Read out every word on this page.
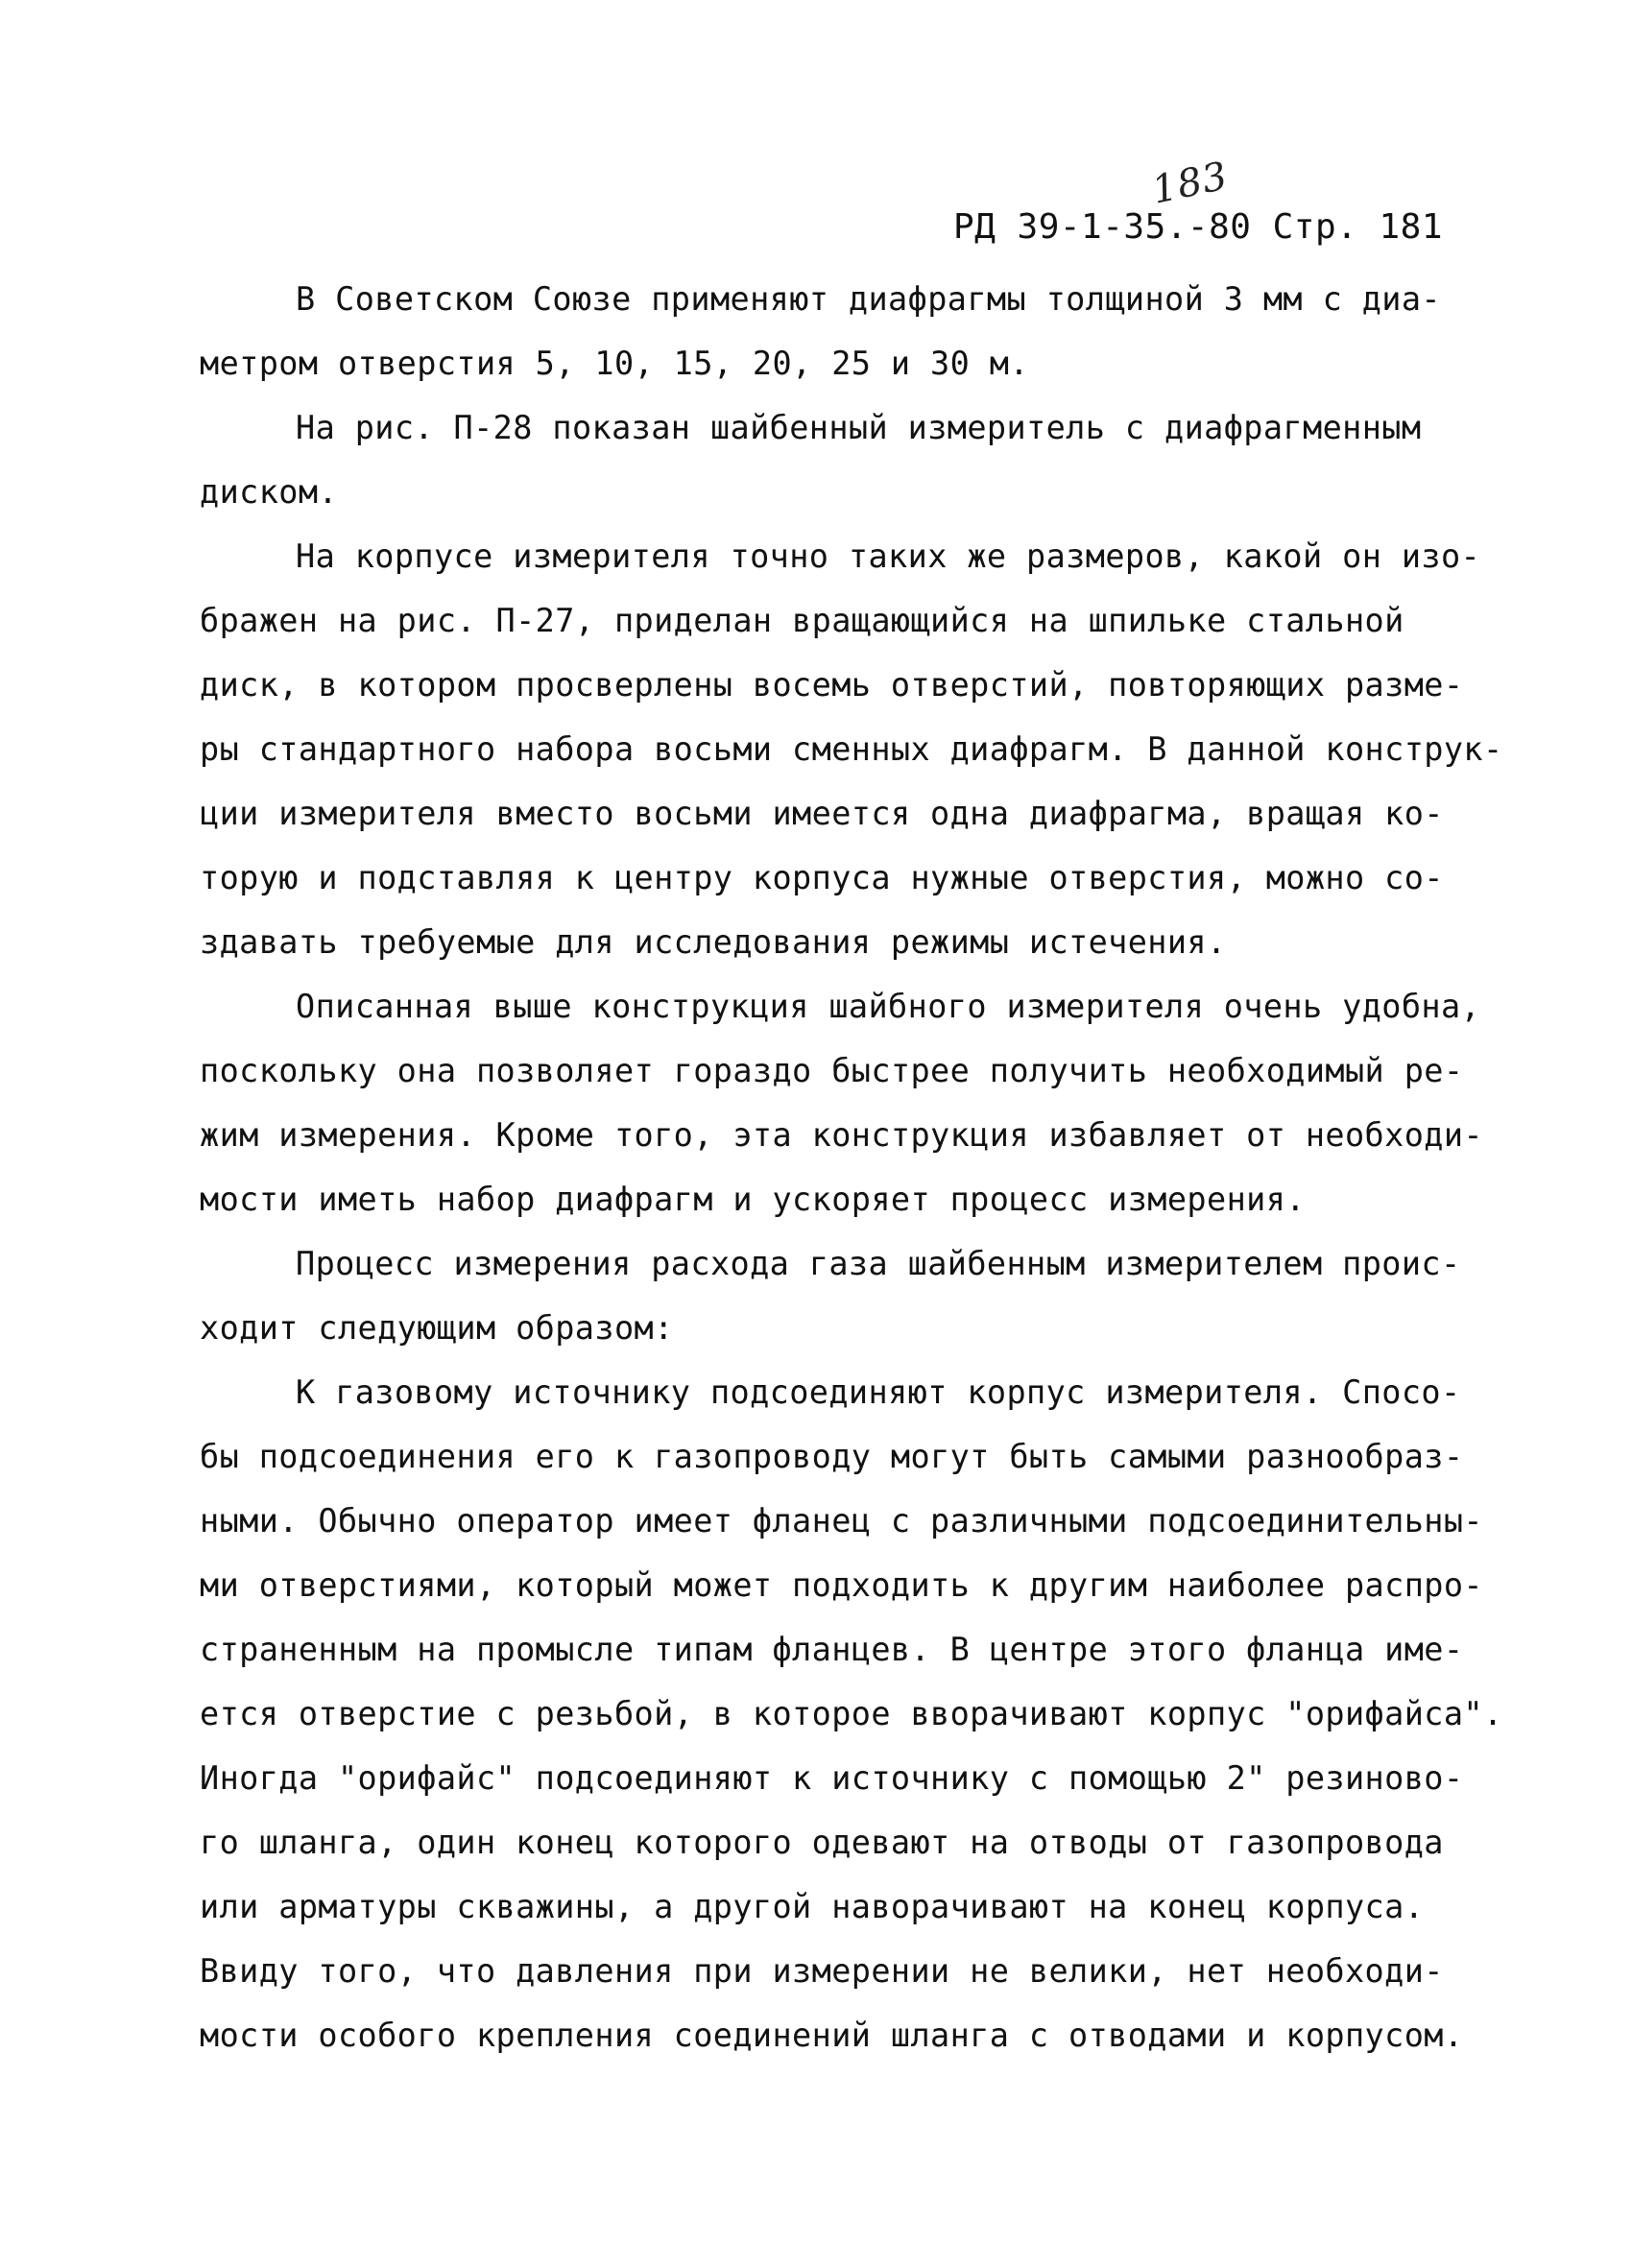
183
РД 39-1-35.-80 Стр. 181
В Советском Союзе применяют диафрагмы толщиной 3 мм с диа-
метром отверстия 5, 10, 15, 20, 25 и 30 м.
На рис. П-28 показан шайбенный измеритель с диафрагменным
диском.
На корпусе измерителя точно таких же размеров, какой он изо-
бражен на рис. П-27, приделан вращающийся на шпильке стальной
диск, в котором просверлены восемь отверстий, повторяющих разме-
ры стандартного набора восьми сменных диафрагм. В данной конструк-
ции измерителя вместо восьми имеется одна диафрагма, вращая ко-
торую и подставляя к центру корпуса нужные отверстия, можно со-
здавать требуемые для исследования режимы истечения.
Описанная выше конструкция шайбного измерителя очень удобна,
поскольку она позволяет гораздо быстрее получить необходимый ре-
жим измерения. Кроме того, эта конструкция избавляет от необходи-
мости иметь набор диафрагм и ускоряет процесс измерения.
Процесс измерения расхода газа шайбенным измерителем проис-
ходит следующим образом:
К газовому источнику подсоединяют корпус измерителя. Спосо-
бы подсоединения его к газопроводу могут быть самыми разнообраз-
ными. Обычно оператор имеет фланец с различными подсоединительны-
ми отверстиями, который может подходить к другим наиболее распро-
страненным на промысле типам фланцев. В центре этого фланца име-
ется отверстие с резьбой, в которое вворачивают корпус "орифайса".
Иногда "орифайс" подсоединяют к источнику с помощью 2" резиново-
го шланга, один конец которого одевают на отводы от газопровода
или арматуры скважины, а другой наворачивают на конец корпуса.
Ввиду того, что давления при измерении не велики, нет необходи-
мости особого крепления соединений шланга с отводами и корпусом.
